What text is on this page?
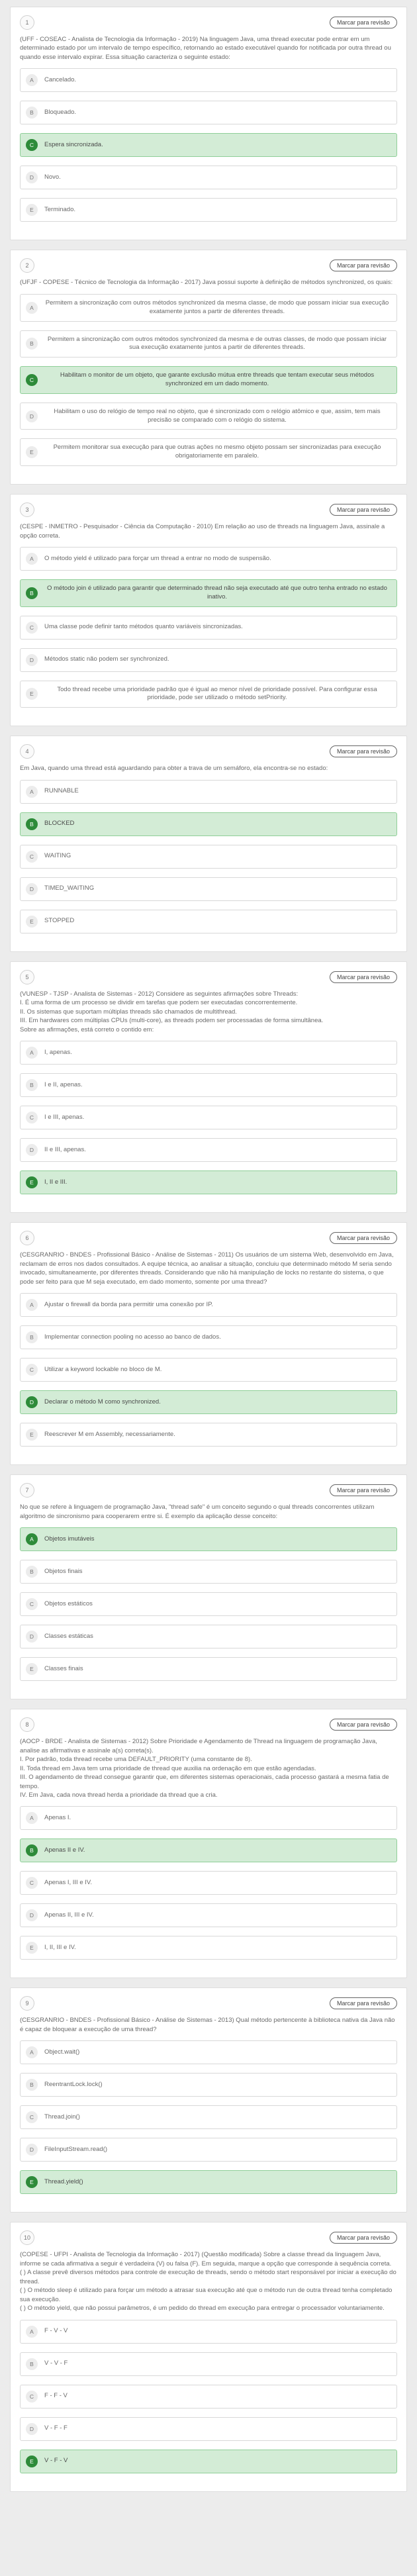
1	Marcar para revisão
(UFF - COSEAC - Analista de Tecnologia da Informação - 2019) Na linguagem Java, uma thread executar pode entrar em um determinado estado por um intervalo de tempo específico, retornando ao estado executável quando for notificada por outra thread ou quando esse intervalo expirar. Essa situação caracteriza o seguinte estado:
A	Cancelado.
B	Bloqueado.
C	Espera sincronizada.
D	Novo.
E	Terminado.
2	Marcar para revisão
(UFJF - COPESE - Técnico de Tecnologia da Informação - 2017) Java possui suporte à definição de métodos synchronized, os quais:
A
Permitem a sincronização com outros métodos synchronized da mesma classe, de modo que possam iniciar sua execução exatamente juntos a partir de diferentes threads.
B
Permitem a sincronização com outros métodos synchronized da mesma e de outras classes, de modo que possam iniciar sua execução exatamente juntos a partir de diferentes threads.
C
Habilitam o monitor de um objeto, que garante exclusão mútua entre threads que tentam executar seus métodos synchronized em um dado momento.
D
Habilitam o uso do relógio de tempo real no objeto, que é sincronizado com o relógio atômico e que, assim, tem mais precisão se comparado com o relógio do sistema.
E
Permitem monitorar sua execução para que outras ações no mesmo objeto possam ser sincronizadas para execução obrigatoriamente em paralelo.
3	Marcar para revisão
(CESPE - INMETRO - Pesquisador - Ciência da Computação - 2010) Em relação ao uso de threads na linguagem Java, assinale a opção correta.
A	O método yield é utilizado para forçar um thread a entrar no modo de suspensão.
B
O método join é utilizado para garantir que determinado thread não seja executado até que outro tenha entrado no estado inativo.
C	Uma classe pode definir tanto métodos quanto variáveis sincronizadas.
D	Métodos static não podem ser synchronized.
E
Todo thread recebe uma prioridade padrão que é igual ao menor nível de prioridade possível. Para configurar essa prioridade, pode ser utilizado o método setPriority.
4	Marcar para revisão
Em Java, quando uma thread está aguardando para obter a trava de um semáforo, ela encontra-se no estado:
A	RUNNABLE
B	BLOCKED
C	WAITING
D	TIMED_WAITING
E	STOPPED
5	Marcar para revisão
(VUNESP - TJSP - Analista de Sistemas - 2012) Considere as seguintes afirmações sobre Threads:
I. É uma forma de um processo se dividir em tarefas que podem ser executadas concorrentemente.
II. Os sistemas que suportam múltiplas threads são chamados de multithread.
III. Em hardwares com múltiplas CPUs (multi-core), as threads podem ser processadas de forma simultânea.
Sobre as afirmações, está correto o contido em:
A	I, apenas.
B	I e II, apenas.
C	I e III, apenas.
D	II e III, apenas.
E	I, II e III.
6	Marcar para revisão
(CESGRANRIO - BNDES - Profissional Básico - Análise de Sistemas - 2011) Os usuários de um sistema Web, desenvolvido em Java, reclamam de erros nos dados consultados. A equipe técnica, ao analisar a situação, concluiu que determinado método M seria sendo invocado, simultaneamente, por diferentes threads. Considerando que não há manipulação de locks no restante do sistema, o que pode ser feito para que M seja executado, em dado momento, somente por uma thread?
A	Ajustar o firewall da borda para permitir uma conexão por IP.
B	Implementar connection pooling no acesso ao banco de dados.
C	Utilizar a keyword lockable no bloco de M.
D	Declarar o método M como synchronized.
E	Reescrever M em Assembly, necessariamente.
7	Marcar para revisão
No que se refere à linguagem de programação Java, "thread safe" é um conceito segundo o qual threads concorrentes utilizam algoritmo de sincronismo para cooperarem entre si. É exemplo da aplicação desse conceito:
A	Objetos imutáveis
B	Objetos finais
C	Objetos estáticos
D	Classes estáticas
E	Classes finais
8	Marcar para revisão
(AOCP - BRDE - Analista de Sistemas - 2012) Sobre Prioridade e Agendamento de Thread na linguagem de programação Java, analise as afirmativas e assinale a(s) correta(s).
I. Por padrão, toda thread recebe uma DEFAULT_PRIORITY (uma constante de 8).
II. Toda thread em Java tem uma prioridade de thread que auxilia na ordenação em que estão agendadas.
III. O agendamento de thread consegue garantir que, em diferentes sistemas operacionais, cada processo gastará a mesma fatia de tempo.
IV. Em Java, cada nova thread herda a prioridade da thread que a cria.
A	Apenas I.
B	Apenas II e IV.
C	Apenas I, III e IV.
D	Apenas II, III e IV.
E	I, II, III e IV.
9	Marcar para revisão
(CESGRANRIO - BNDES - Profissional Básico - Análise de Sistemas - 2013) Qual método pertencente à biblioteca nativa da Java não é capaz de bloquear a execução de uma thread?
A	Object.wait()
B	ReentrantLock.lock()
C	Thread.join()
D	FileInputStream.read()
E	Thread.yield()
10	Marcar para revisão
(COPESE - UFPI - Analista de Tecnologia da Informação - 2017) (Questão modificada) Sobre a classe thread da linguagem Java, informe se cada afirmativa a seguir é verdadeira (V) ou falsa (F). Em seguida, marque a opção que corresponde à sequência correta.
( ) A classe prevê diversos métodos para controle de execução de threads, sendo o método start responsável por iniciar a execução do thread.
( ) O método sleep é utilizado para forçar um método a atrasar sua execução até que o método run de outra thread tenha completado sua execução.
( ) O método yield, que não possui parâmetros, é um pedido do thread em execução para entregar o processador voluntariamente.
A	F - V - V
B	V - V - F
C	F - F - V
D	V - F - F
E	V - F - V
